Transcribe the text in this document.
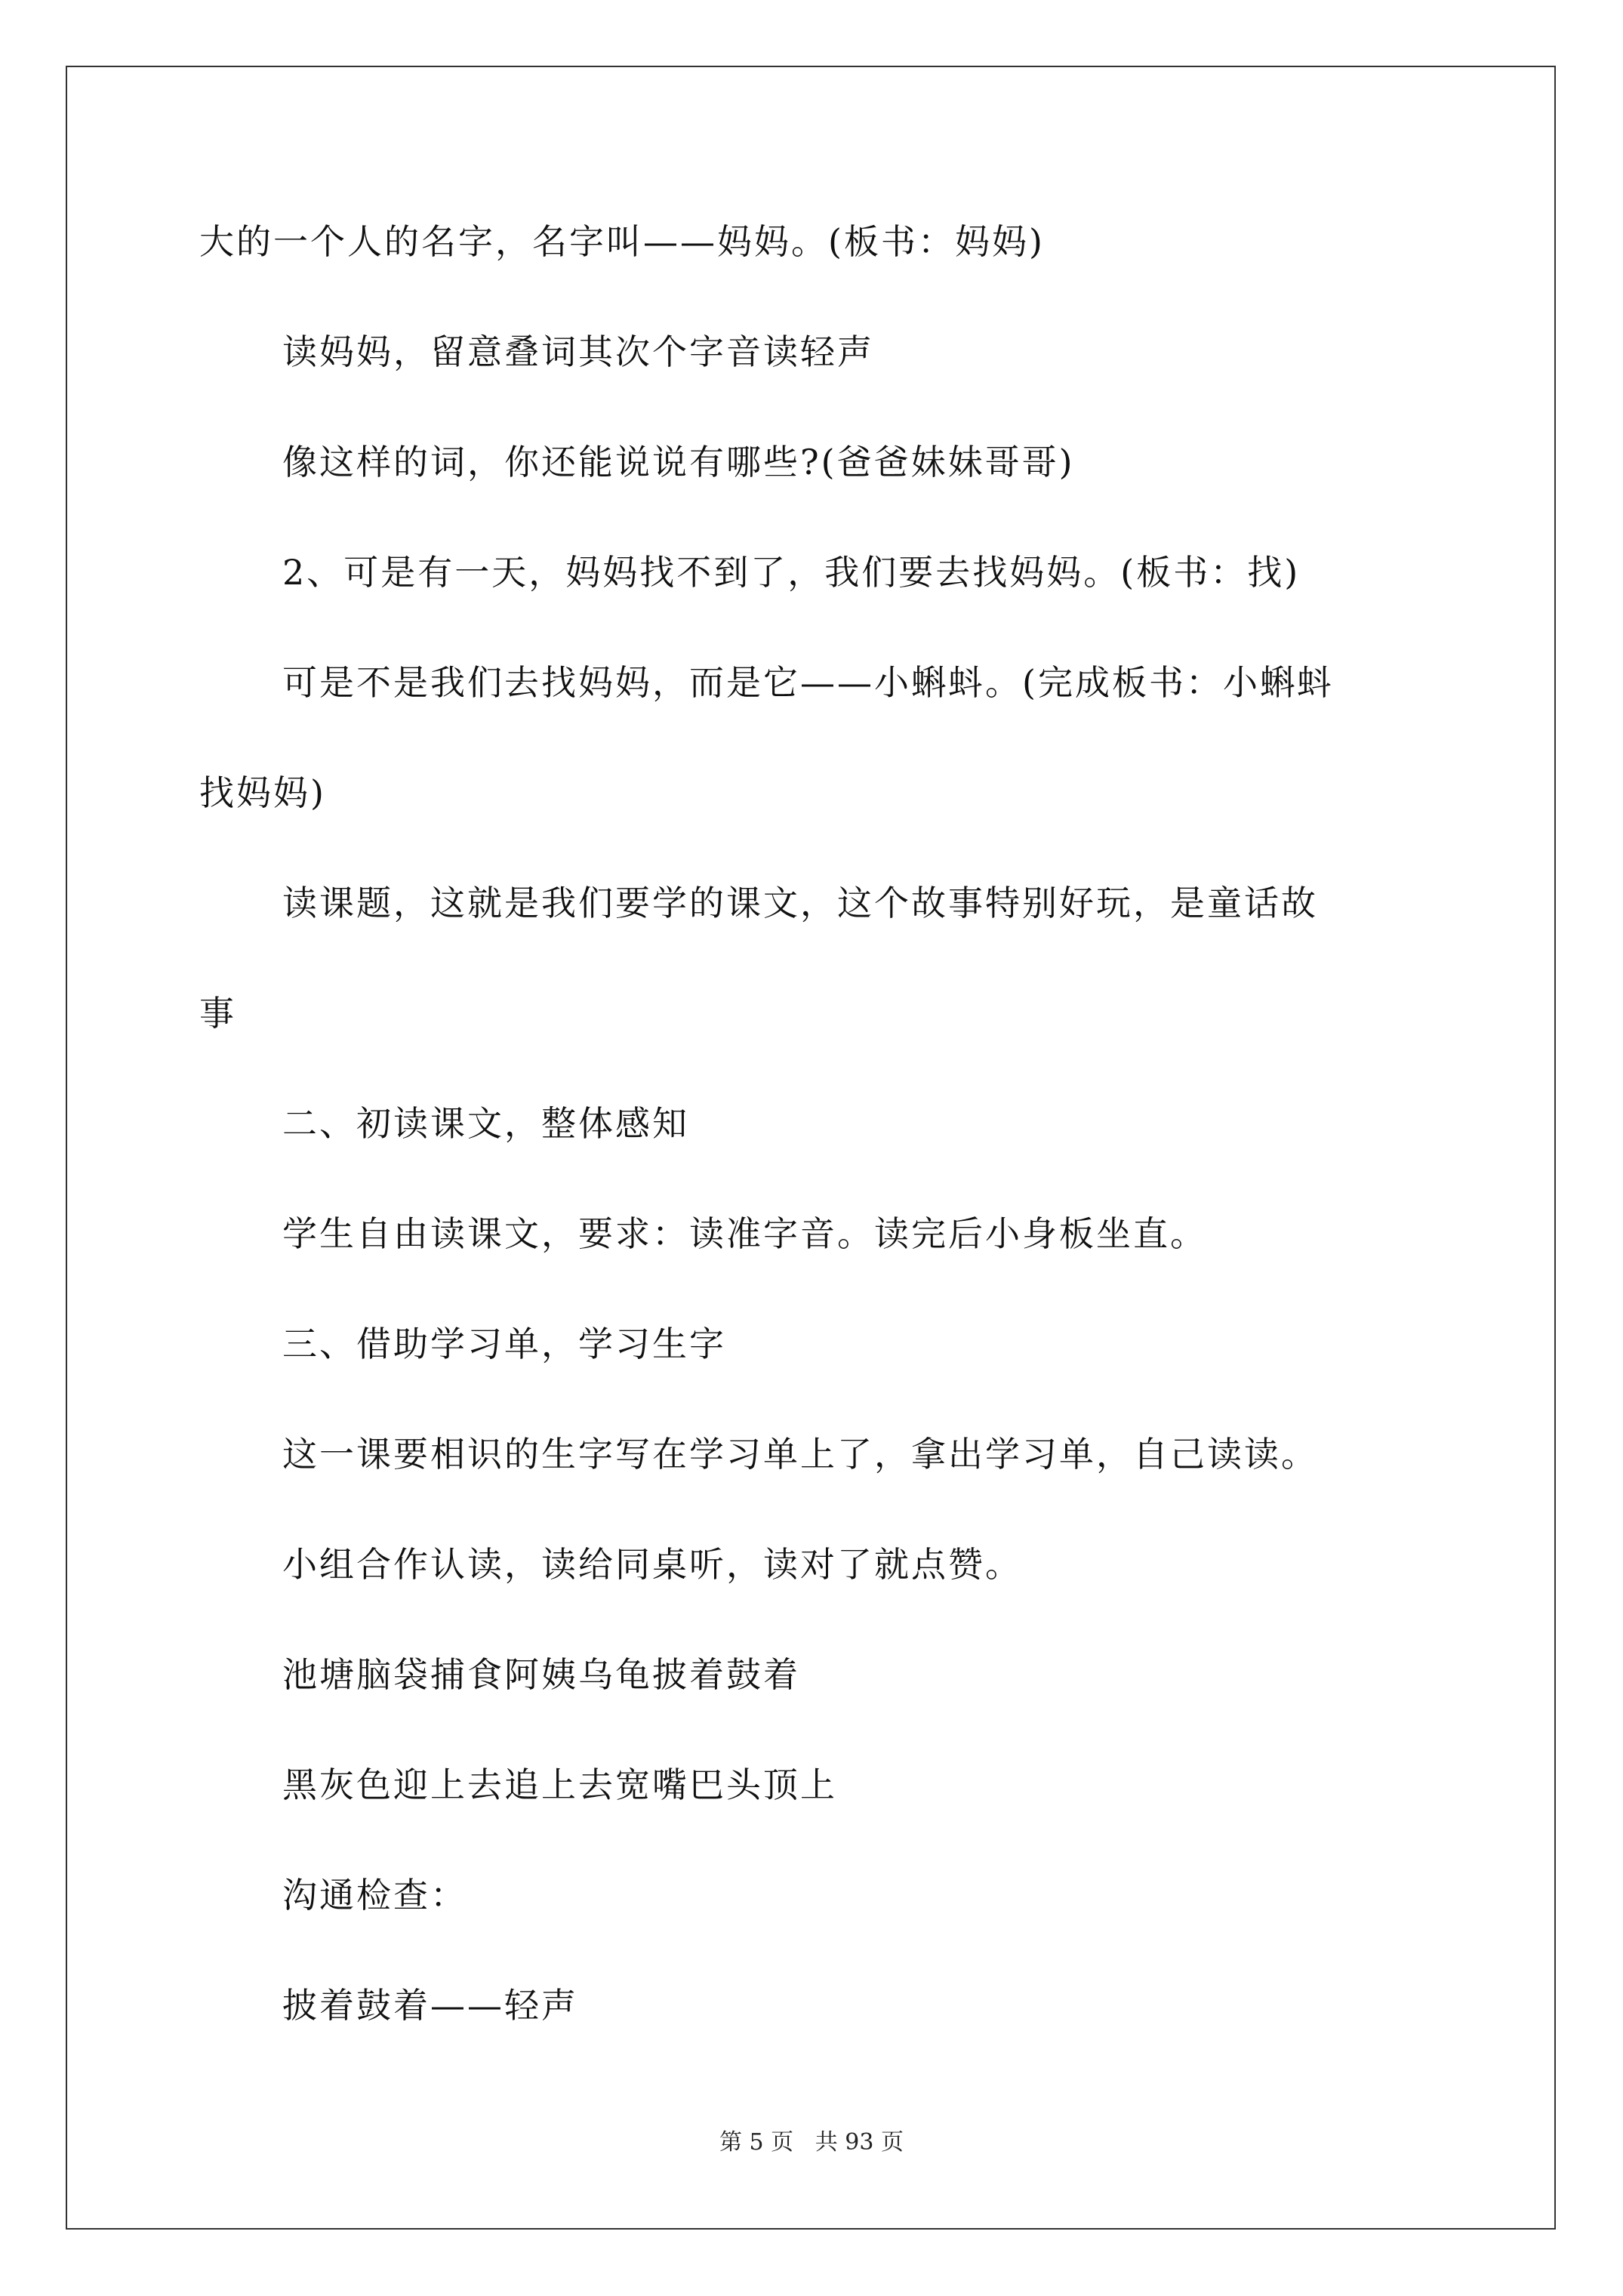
大的一个人的名字，名字叫——妈妈。(板书：妈妈)
读妈妈，留意叠词其次个字音读轻声
像这样的词，你还能说说有哪些?(爸爸妹妹哥哥)
2、可是有一天，妈妈找不到了，我们要去找妈妈。(板书：找)
可是不是我们去找妈妈，而是它——小蝌蚪。(完成板书：小蝌蚪
找妈妈)
读课题，这就是我们要学的课文，这个故事特别好玩，是童话故
事
二、初读课文，整体感知
学生自由读课文，要求：读准字音。读完后小身板坐直。
三、借助学习单，学习生字
这一课要相识的生字写在学习单上了，拿出学习单，自己读读。
小组合作认读，读给同桌听，读对了就点赞。
池塘脑袋捕食阿姨乌龟披着鼓着
黑灰色迎上去追上去宽嘴巴头顶上
沟通检查：
披着鼓着——轻声
第 5 页 共 93 页
